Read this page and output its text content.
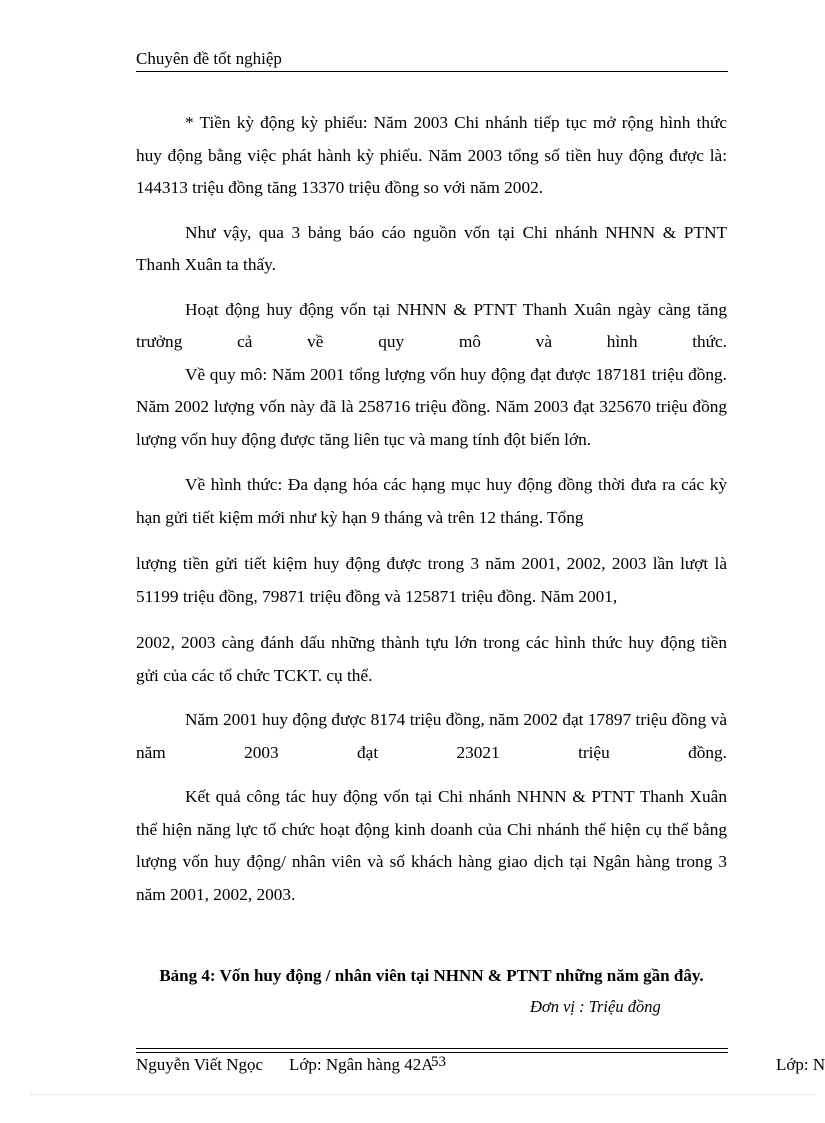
Chuyên đề tốt nghiệp

* Tiền kỳ động kỳ phiếu: Năm 2003 Chi nhánh tiếp tục mở rộng hình thức huy động bằng việc phát hành kỳ phiếu. Năm 2003 tổng số tiền huy động được là: 144313 triệu đồng tăng 13370 triệu đồng so với năm 2002.

Như vậy, qua 3 bảng báo cáo nguồn vốn tại Chi nhánh NHNN & PTNT Thanh Xuân ta thấy.

Hoạt động huy động vốn tại NHNN & PTNT Thanh Xuân ngày càng tăng trưởng cả về quy mô và hình thức.

Về quy mô: Năm 2001 tổng lượng vốn huy động đạt được 187181 triệu đồng. Năm 2002 lượng vốn này đã là 258716 triệu đồng. Năm 2003 đạt 325670 triệu đồng lượng vốn huy động được tăng liên tục và mang tính đột biến lớn.

Về hình thức: Đa dạng hóa các hạng mục huy động đồng thời đưa ra các kỳ hạn gửi tiết kiệm mới như kỳ hạn 9 tháng và trên 12 tháng. Tổng
lượng tiền gửi tiết kiệm huy động được trong 3 năm 2001, 2002, 2003 lần lượt là 51199 triệu đồng, 79871 triệu đồng và 125871 triệu đồng. Năm 2001,
2002, 2003 càng đánh dấu những thành tựu lớn trong các hình thức huy động tiền gửi của các tổ chức TCKT. cụ thể.

Năm 2001 huy động được 8174 triệu đồng, năm 2002 đạt 17897 triệu đồng và năm 2003 đạt 23021 triệu đồng.

Kết quả công tác huy động vốn tại Chi nhánh NHNN & PTNT Thanh Xuân thể hiện năng lực tổ chức hoạt động kinh doanh của Chi nhánh thể hiện cụ thể bằng lượng vốn huy động/ nhân viên và số khách hàng giao dịch tại Ngân hàng trong 3 năm 2001, 2002, 2003.

Bảng 4: Vốn huy động / nhân viên tại NHNN & PTNT những năm gần đây.
Đơn vị : Triệu đồng
Nguyễn Viết Ngọc Lớp: Ngân hàng 42A
53	Lớp: N
